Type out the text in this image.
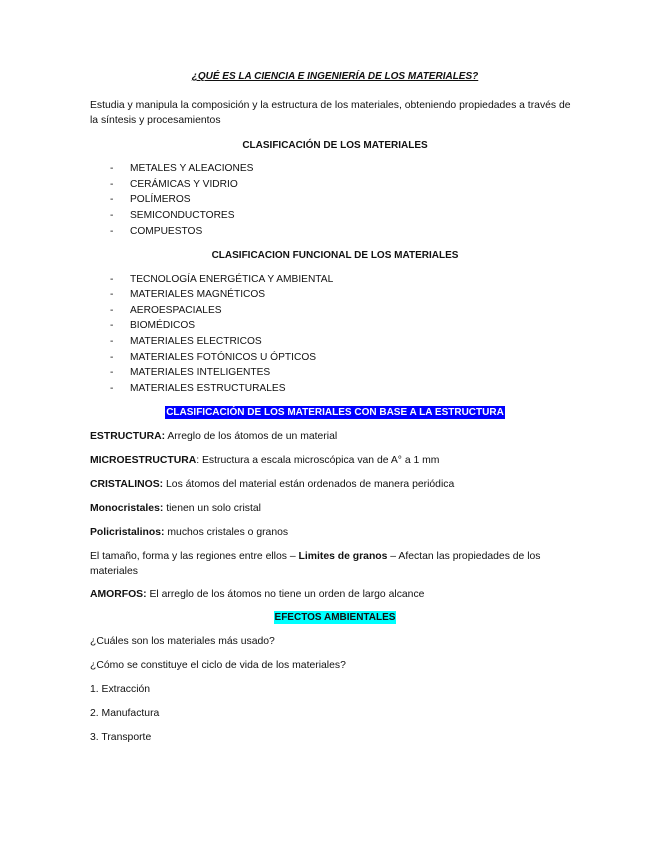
¿QUÉ ES LA CIENCIA E INGENIERÍA DE LOS MATERIALES?

Estudia y manipula la composición y la estructura de los materiales, obteniendo propiedades a través de la síntesis y procesamientos

CLASIFICACIÓN DE LOS MATERIALES

- METALES Y ALEACIONES
- CERÁMICAS Y VIDRIO
- POLÍMEROS
- SEMICONDUCTORES
- COMPUESTOS

CLASIFICACION FUNCIONAL DE LOS MATERIALES

- TECNOLOGÍA ENERGÉTICA Y AMBIENTAL
- MATERIALES MAGNÉTICOS
- AEROESPACIALES
- BIOMÉDICOS
- MATERIALES ELECTRICOS
- MATERIALES FOTÓNICOS U ÓPTICOS
- MATERIALES INTELIGENTES
- MATERIALES ESTRUCTURALES

CLASIFICACIÓN DE LOS MATERIALES CON BASE A LA ESTRUCTURA

ESTRUCTURA: Arreglo de los átomos de un material

MICROESTRUCTURA: Estructura a escala microscópica van de A° a 1 mm

CRISTALINOS: Los átomos del material están ordenados de manera periódica

Monocristales: tienen un solo cristal

Policristalinos: muchos cristales o granos

El tamaño, forma y las regiones entre ellos – Limites de granos – Afectan las propiedades de los materiales

AMORFOS: El arreglo de los átomos no tiene un orden de largo alcance

EFECTOS AMBIENTALES

¿Cuáles son los materiales más usado?

¿Cómo se constituye el ciclo de vida de los materiales?

1. Extracción

2. Manufactura

3. Transporte
